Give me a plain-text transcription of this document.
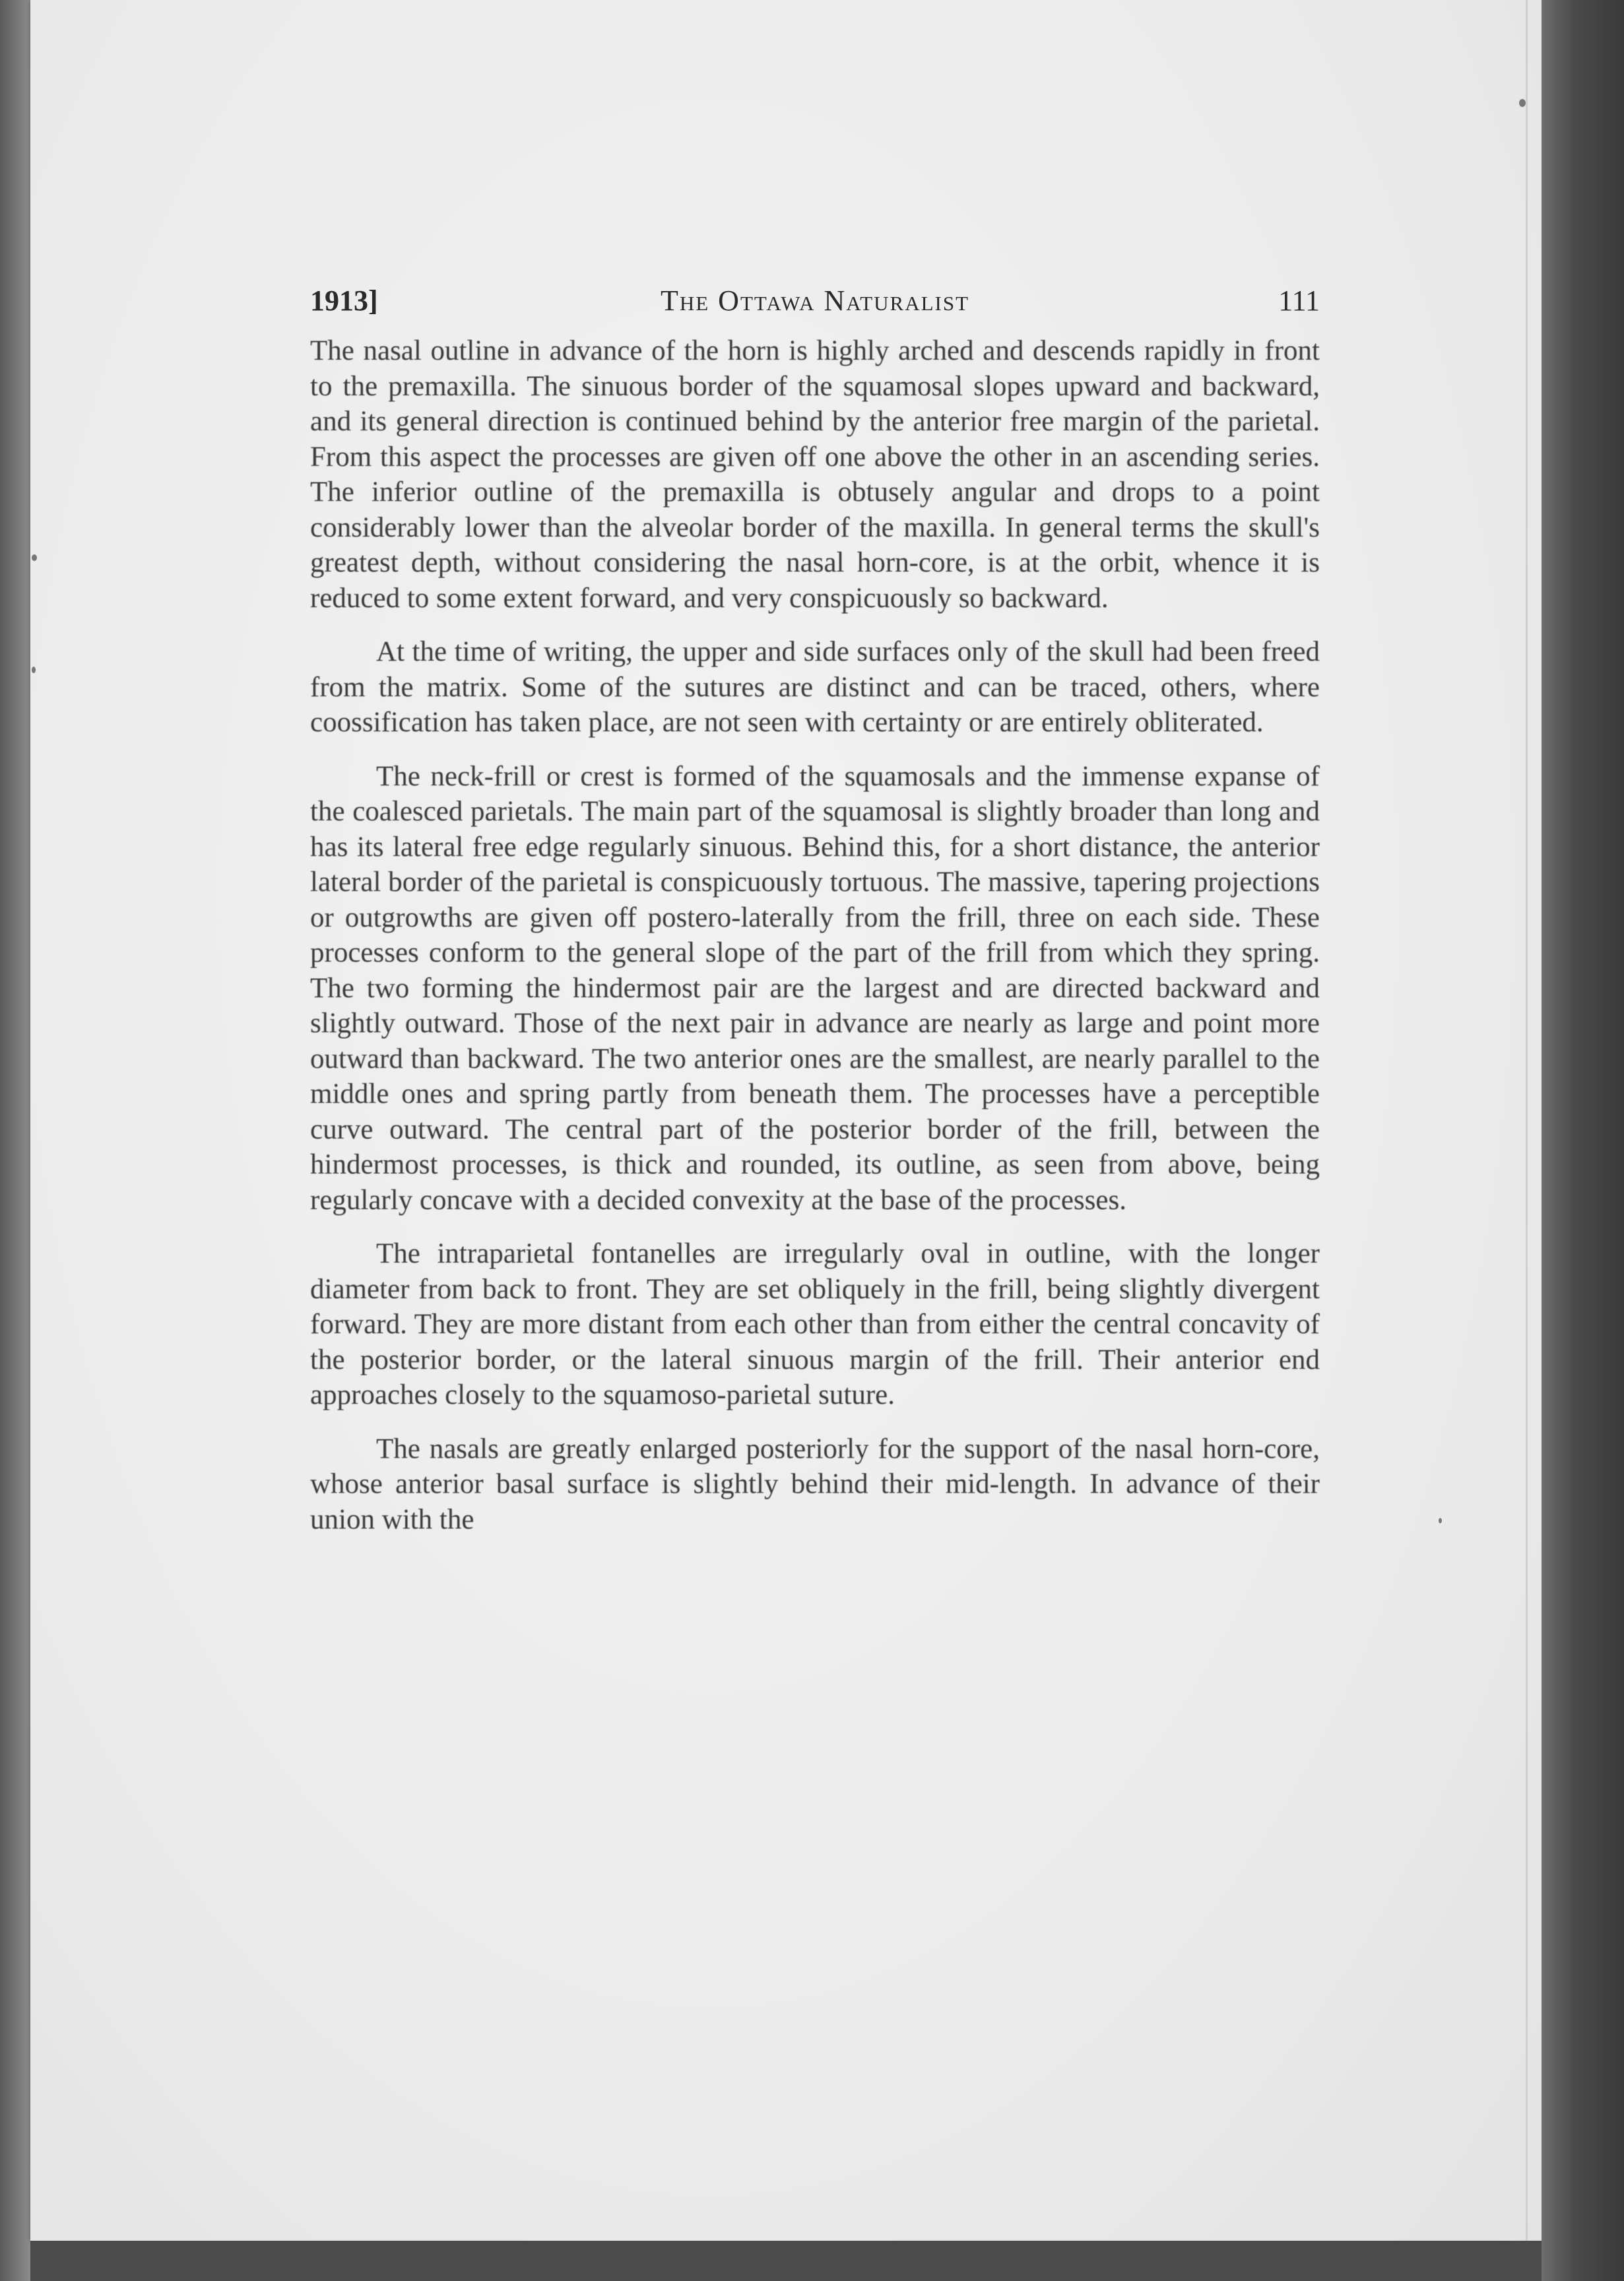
1913]	The Ottawa Naturalist	111

The nasal outline in advance of the horn is highly arched and descends rapidly in front to the premaxilla. The sinuous border of the squamosal slopes upward and backward, and its general direction is continued behind by the anterior free margin of the parietal. From this aspect the processes are given off one above the other in an ascending series. The inferior outline of the premaxilla is obtusely angular and drops to a point considerably lower than the alveolar border of the maxilla. In general terms the skull's greatest depth, without considering the nasal horn-core, is at the orbit, whence it is reduced to some extent forward, and very conspicuously so backward.

At the time of writing, the upper and side surfaces only of the skull had been freed from the matrix. Some of the sutures are distinct and can be traced, others, where coossification has taken place, are not seen with certainty or are entirely obliterated.

The neck-frill or crest is formed of the squamosals and the immense expanse of the coalesced parietals. The main part of the squamosal is slightly broader than long and has its lateral free edge regularly sinuous. Behind this, for a short distance, the anterior lateral border of the parietal is conspicuously tortuous. The massive, tapering projections or outgrowths are given off postero-laterally from the frill, three on each side. These processes conform to the general slope of the part of the frill from which they spring. The two forming the hindermost pair are the largest and are directed backward and slightly outward. Those of the next pair in advance are nearly as large and point more outward than backward. The two anterior ones are the smallest, are nearly parallel to the middle ones and spring partly from beneath them. The processes have a perceptible curve outward. The central part of the posterior border of the frill, between the hindermost processes, is thick and rounded, its outline, as seen from above, being regularly concave with a decided convexity at the base of the processes.

The intraparietal fontanelles are irregularly oval in outline, with the longer diameter from back to front. They are set obliquely in the frill, being slightly divergent forward. They are more distant from each other than from either the central concavity of the posterior border, or the lateral sinuous margin of the frill. Their anterior end approaches closely to the squamoso-parietal suture.

The nasals are greatly enlarged posteriorly for the support of the nasal horn-core, whose anterior basal surface is slightly behind their mid-length. In advance of their union with the
